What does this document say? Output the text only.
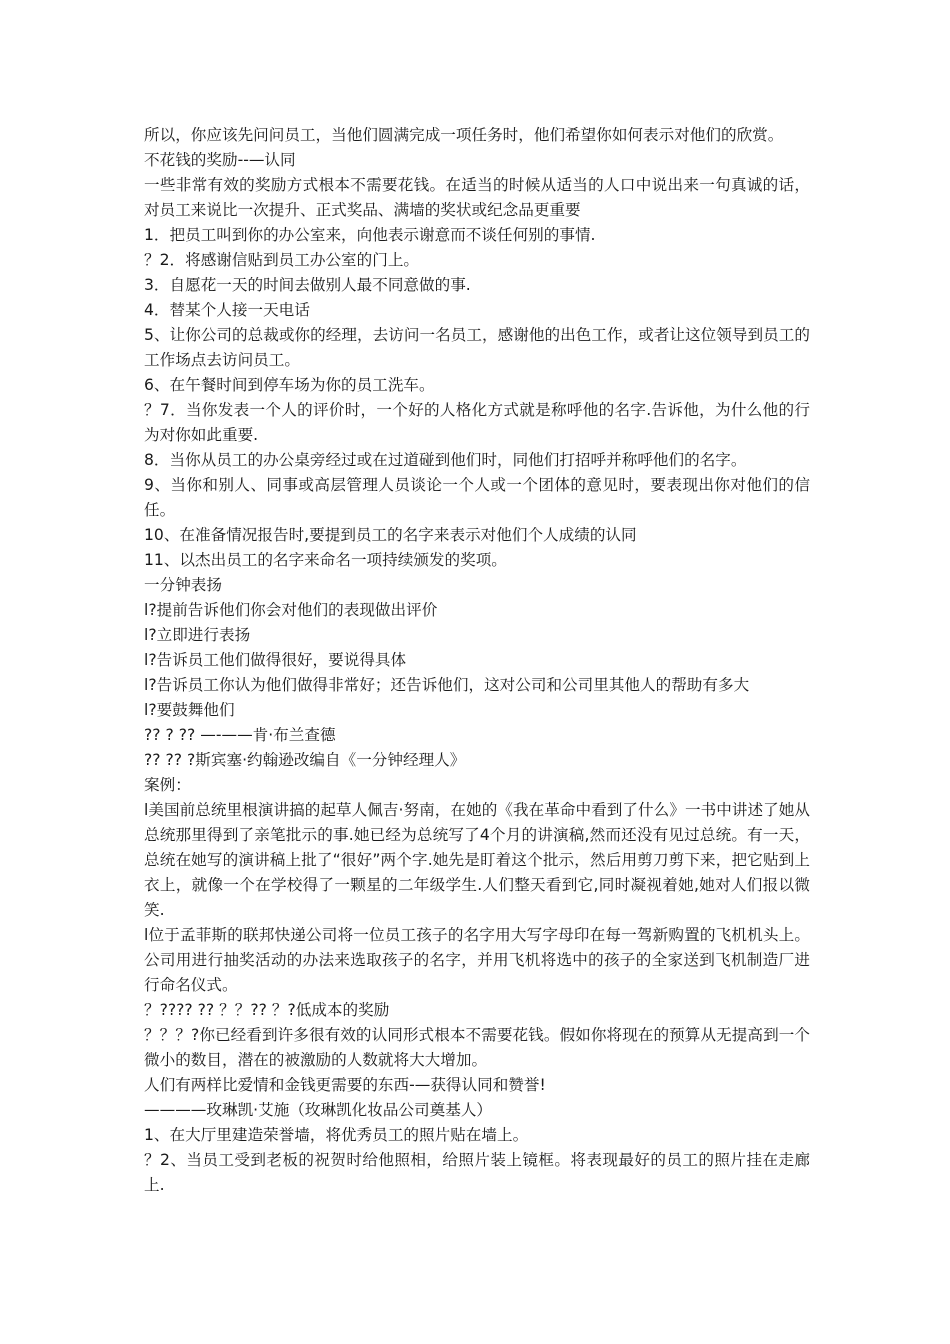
所以，你应该先问问员工，当他们圆满完成一项任务时，他们希望你如何表示对他们的欣赏。

不花钱的奖励--—认同

一些非常有效的奖励方式根本不需要花钱。在适当的时候从适当的人口中说出来一句真诚的话，对员工来说比一次提升、正式奖品、满墙的奖状或纪念品更重要

1．把员工叫到你的办公室来，向他表示谢意而不谈任何别的事情.

？2．将感谢信贴到员工办公室的门上。

3．自愿花一天的时间去做别人最不同意做的事.

4．替某个人接一天电话

5、让你公司的总裁或你的经理，去访问一名员工，感谢他的出色工作，或者让这位领导到员工的工作场点去访问员工。

6、在午餐时间到停车场为你的员工洗车。

？7．当你发表一个人的评价时，一个好的人格化方式就是称呼他的名字.告诉他，为什么他的行为对你如此重要.

8．当你从员工的办公桌旁经过或在过道碰到他们时，同他们打招呼并称呼他们的名字。

9、当你和别人、同事或高层管理人员谈论一个人或一个团体的意见时，要表现出你对他们的信任。

10、在准备情况报告时,要提到员工的名字来表示对他们个人成绩的认同

11、以杰出员工的名字来命名一项持续颁发的奖项。

一分钟表扬

l?提前告诉他们你会对他们的表现做出评价

l?立即进行表扬

l?告诉员工他们做得很好，要说得具体

l?告诉员工你认为他们做得非常好；还告诉他们，这对公司和公司里其他人的帮助有多大

l?要鼓舞他们

?? ? ?? —-——肯·布兰查德

?? ?? ?斯宾塞·约翰逊改编自《一分钟经理人》

案例：

l美国前总统里根演讲搞的起草人佩吉·努南，在她的《我在革命中看到了什么》一书中讲述了她从总统那里得到了亲笔批示的事.她已经为总统写了4个月的讲演稿,然而还没有见过总统。有一天，总统在她写的演讲稿上批了“很好”两个字.她先是盯着这个批示，然后用剪刀剪下来，把它贴到上衣上，就像一个在学校得了一颗星的二年级学生.人们整天看到它,同时凝视着她,她对人们报以微笑.

l位于孟菲斯的联邦快递公司将一位员工孩子的名字用大写字母印在每一驾新购置的飞机机头上。公司用进行抽奖活动的办法来选取孩子的名字，并用飞机将选中的孩子的全家送到飞机制造厂进行命名仪式。

？???? ?? ？？?? ？?低成本的奖励

？？？?你已经看到许多很有效的认同形式根本不需要花钱。假如你将现在的预算从无提高到一个微小的数目，潜在的被激励的人数就将大大增加。

人们有两样比爱情和金钱更需要的东西-—获得认同和赞誉!

————玫琳凯·艾施（玫琳凯化妆品公司奠基人）

1、在大厅里建造荣誉墙，将优秀员工的照片贴在墙上。

？2、当员工受到老板的祝贺时给他照相，给照片装上镜框。将表现最好的员工的照片挂在走廊上.
